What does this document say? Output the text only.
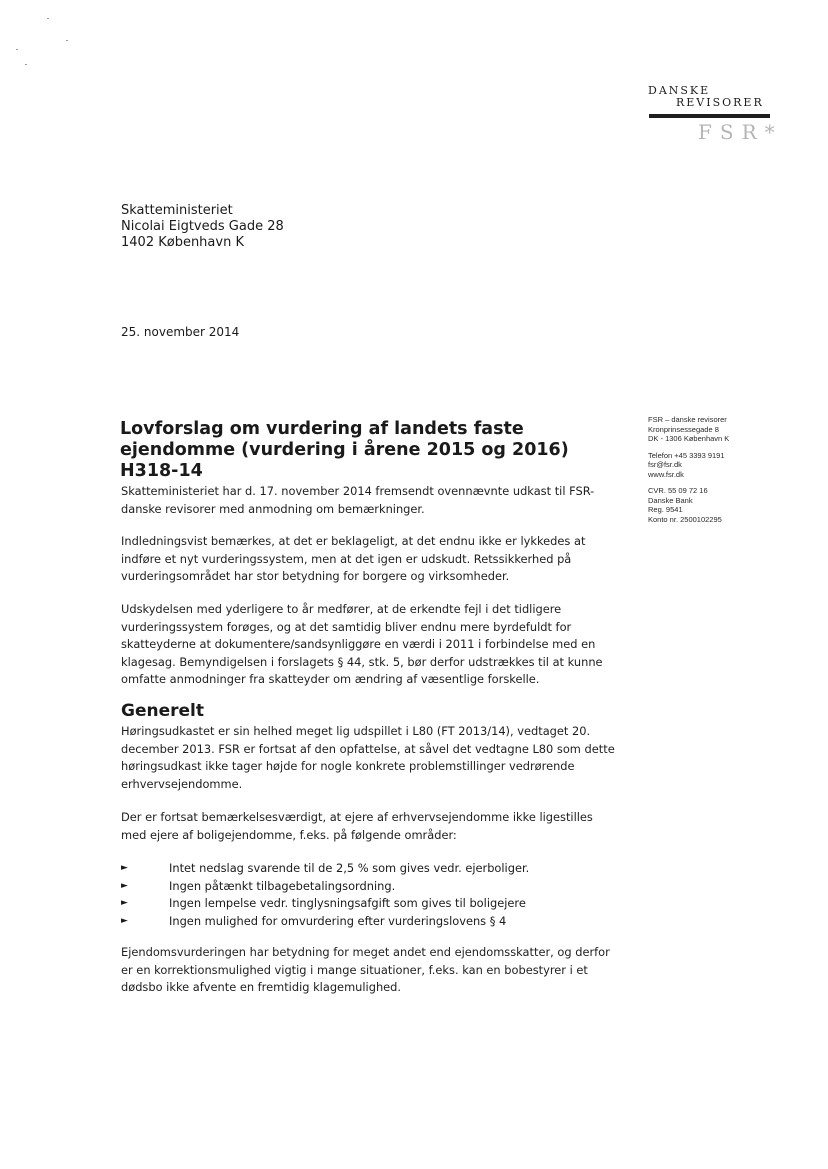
DANSKE
REVISORER
FSR*
Skatteministeriet
Nicolai Eigtveds Gade 28
1402 København K
25. november 2014
FSR – danske revisorer
Kronprinsessegade 8
DK - 1306 København K
Telefon +45 3393 9191
fsr@fsr.dk
www.fsr.dk
CVR. 55 09 72 16
Danske Bank
Reg. 9541
Konto nr. 2500102295
Lovforslag om vurdering af landets faste
ejendomme (vurdering i årene 2015 og 2016)
H318-14
Skatteministeriet har d. 17. november 2014 fremsendt ovennævnte udkast til FSR-danske revisorer med anmodning om bemærkninger.
Indledningsvist bemærkes, at det er beklageligt, at det endnu ikke er lykkedes at indføre et nyt vurderingssystem, men at det igen er udskudt. Retssikkerhed på vurderingsområdet har stor betydning for borgere og virksomheder.
Udskydelsen med yderligere to år medfører, at de erkendte fejl i det tidligere vurderingssystem forøges, og at det samtidig bliver endnu mere byrdefuldt for skatteyderne at dokumentere/sandsynliggøre en værdi i 2011 i forbindelse med en klagesag. Bemyndigelsen i forslagets § 44, stk. 5, bør derfor udstrækkes til at kunne omfatte anmodninger fra skatteyder om ændring af væsentlige forskelle.
Generelt
Høringsudkastet er sin helhed meget lig udspillet i L80 (FT 2013/14), vedtaget 20. december 2013. FSR er fortsat af den opfattelse, at såvel det vedtagne L80 som dette høringsudkast ikke tager højde for nogle konkrete problemstillinger vedrørende erhvervsejendomme.
Der er fortsat bemærkelsesværdigt, at ejere af erhvervsejendomme ikke ligestilles med ejere af boligejendomme, f.eks. på følgende områder:
►	Intet nedslag svarende til de 2,5 % som gives vedr. ejerboliger.
►	Ingen påtænkt tilbagebetalingsordning.
►	Ingen lempelse vedr. tinglysningsafgift som gives til boligejere
►	Ingen mulighed for omvurdering efter vurderingslovens § 4
Ejendomsvurderingen har betydning for meget andet end ejendomsskatter, og derfor er en korrektionsmulighed vigtig i mange situationer, f.eks. kan en bobestyrer i et dødsbo ikke afvente en fremtidig klagemulighed.
